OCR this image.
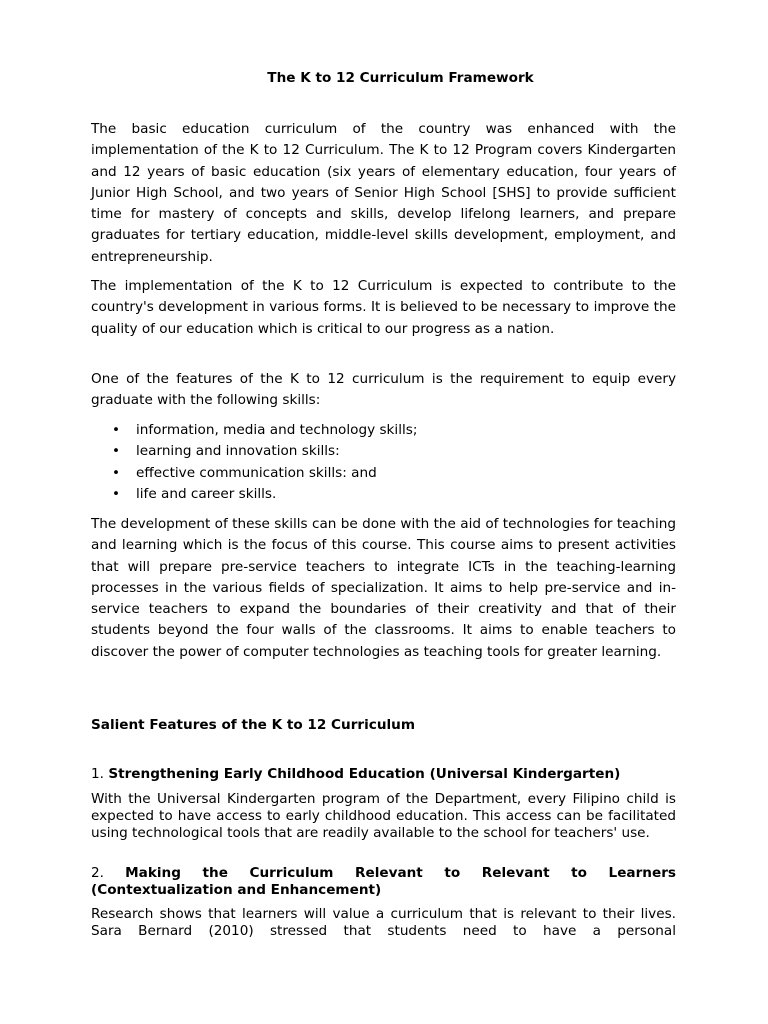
The K to 12 Curriculum Framework

The basic education curriculum of the country was enhanced with the implementation of the K to 12 Curriculum. The K to 12 Program covers Kindergarten and 12 years of basic education (six years of elementary education, four years of Junior High School, and two years of Senior High School [SHS] to provide sufficient time for mastery of concepts and skills, develop lifelong learners, and prepare graduates for tertiary education, middle-level skills development, employment, and entrepreneurship.

The implementation of the K to 12 Curriculum is expected to contribute to the country's development in various forms. It is believed to be necessary to improve the quality of our education which is critical to our progress as a nation.

One of the features of the K to 12 curriculum is the requirement to equip every graduate with the following skills:

• information, media and technology skills;
• learning and innovation skills:
• effective communication skills: and
• life and career skills.

The development of these skills can be done with the aid of technologies for teaching and learning which is the focus of this course. This course aims to present activities that will prepare pre-service teachers to integrate ICTs in the teaching-learning processes in the various fields of specialization. It aims to help pre-service and in-service teachers to expand the boundaries of their creativity and that of their students beyond the four walls of the classrooms. It aims to enable teachers to discover the power of computer technologies as teaching tools for greater learning.

Salient Features of the K to 12 Curriculum
1. Strengthening Early Childhood Education (Universal Kindergarten)

With the Universal Kindergarten program of the Department, every Filipino child is expected to have access to early childhood education. This access can be facilitated using technological tools that are readily available to the school for teachers' use.

2. Making the Curriculum Relevant to Relevant to Learners (Contextualization and Enhancement)

Research shows that learners will value a curriculum that is relevant to their lives. Sara Bernard (2010) stressed that students need to have a personal
